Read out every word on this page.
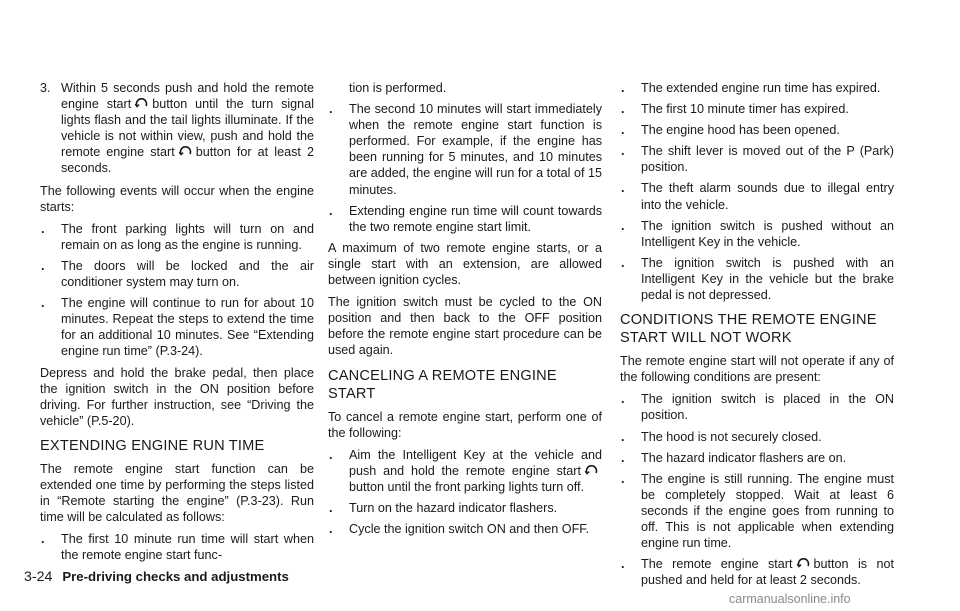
3. Within 5 seconds push and hold the remote engine start button until the turn signal lights flash and the tail lights illuminate. If the vehicle is not within view, push and hold the remote engine start button for at least 2 seconds.

The following events will occur when the engine starts:

. The front parking lights will turn on and remain on as long as the engine is running.
. The doors will be locked and the air conditioner system may turn on.
. The engine will continue to run for about 10 minutes. Repeat the steps to extend the time for an additional 10 minutes. See “Extending engine run time” (P.3-24).

Depress and hold the brake pedal, then place the ignition switch in the ON position before driving. For further instruction, see “Driving the vehicle” (P.5-20).

EXTENDING ENGINE RUN TIME

The remote engine start function can be extended one time by performing the steps listed in “Remote starting the engine” (P.3-23). Run time will be calculated as follows:

. The first 10 minute run time will start when the remote engine start func-
tion is performed.
. The second 10 minutes will start immediately when the remote engine start function is performed. For example, if the engine has been running for 5 minutes, and 10 minutes are added, the engine will run for a total of 15 minutes.
. Extending engine run time will count towards the two remote engine start limit.

A maximum of two remote engine starts, or a single start with an extension, are allowed between ignition cycles.

The ignition switch must be cycled to the ON position and then back to the OFF position before the remote engine start procedure can be used again.

CANCELING A REMOTE ENGINE
START

To cancel a remote engine start, perform one of the following:

. Aim the Intelligent Key at the vehicle and push and hold the remote engine start
button until the front parking lights turn off.
. Turn on the hazard indicator flashers.
. Cycle the ignition switch ON and then OFF.
. The extended engine run time has expired.
. The first 10 minute timer has expired.
. The engine hood has been opened.
. The shift lever is moved out of the P (Park) position.
. The theft alarm sounds due to illegal entry into the vehicle.
. The ignition switch is pushed without an Intelligent Key in the vehicle.
. The ignition switch is pushed with an Intelligent Key in the vehicle but the brake pedal is not depressed.
CONDITIONS THE REMOTE ENGINE
START WILL NOT WORK

The remote engine start will not operate if any of the following conditions are present:

. The ignition switch is placed in the ON position.
. The hood is not securely closed.
. The hazard indicator flashers are on.
. The engine is still running. The engine must be completely stopped. Wait at least 6 seconds if the engine goes from running to off. This is not applicable when extending engine run time.
. The remote engine start button is not pushed and held for at least 2 seconds.
3-24 Pre-driving checks and adjustments
carmanualsonline.info
